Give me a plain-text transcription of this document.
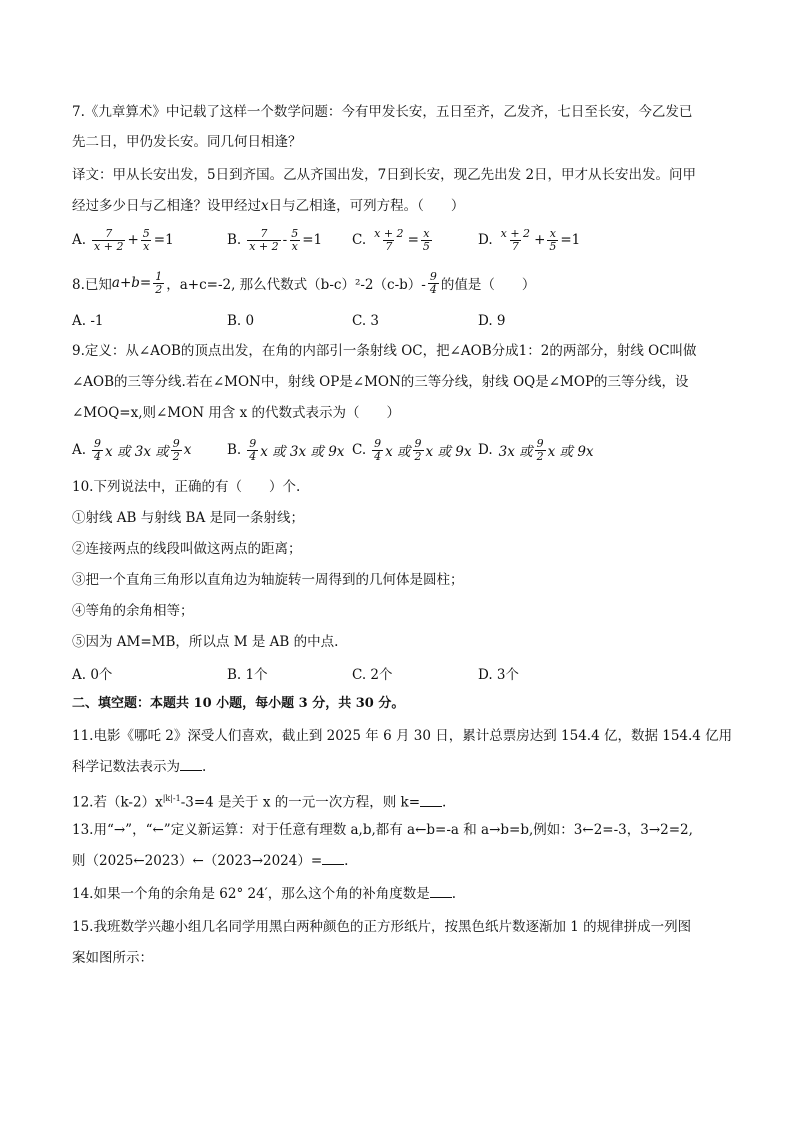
7.《九章算术》中记载了这样一个数学问题：今有甲发长安，五日至齐，乙发齐，七日至长安，今乙发已
先二日，甲仍发长安。同几何日相逢？
译文：甲从长安出发，5日到齐国。乙从齐国出发，7日到长安，现乙先出发 2日，甲才从长安出发。问甲
经过多少日与乙相逢？设甲经过x日与乙相逢，可列方程。（　　）
A. $\frac{7}{x + 2} + \frac{5}{x} =1$	B. $\frac{7}{x + 2} - \frac{5}{x} =1$ C. $\frac{x + 2}{7} = \frac{x}{5}$	D. $\frac{x + 2}{7} + \frac{x}{5} =1$
8.已知 $a+b= \frac{1}{2}$ ，a+c=-2, 那么代数式$(b-c)^2-2(c-b)- \frac{9}{4}$ 的值是（　　）
A. -1	B. 0	C. 3	D. 9
9.定义：从∠AOB的顶点出发，在角的内部引一条射线 OC，把∠AOB分成1：2的两部分，射线 OC叫做
∠AOB的三等分线.若在∠MON中，射线 OP是∠MON的三等分线，射线 OQ是∠MOP的三等分线，设
∠MOQ=x,则∠MON 用含 x 的代数式表示为（　　）
A. $\frac{9}{4}$ x 或 3x 或 $\frac{9}{2}$ x	B. $\frac{9}{4}$ x 或 3x 或 9x C. $\frac{9}{4}$ x 或 $\frac{9}{2}$ x 或 9x D. 3x 或 $\frac{9}{2}$ x 或 9x
10.下列说法中，正确的有（　　）个.
①射线 AB 与射线 BA 是同一条射线；
②连接两点的线段叫做这两点的距离；
③把一个直角三角形以直角边为轴旋转一周得到的几何体是圆柱；
④等角的余角相等；
⑤因为 AM=MB，所以点 M 是 AB 的中点.
A. 0个	B. 1个	C. 2个	D. 3个
二、填空题：本题共 10 小题，每小题 3 分，共 30 分。
11.电影《哪吒 2》深受人们喜欢，截止到 2025 年 6 月 30 日，累计总票房达到 154.4 亿，数据 154.4 亿用
科学记数法表示为 .
12.若$(k-2)x^{|k|-1}-3=4$ 是关于 x 的一元一次方程，则 k= .
13.用“→”，“←”定义新运算：对于任意有理数 a,b,都有 a←b=-a 和 a→b=b,例如：3←2=-3，3→2=2,
则（2025←2023）←（2023→2024）= .
14.如果一个角的余角是 62° 24′，那么这个角的补角度数是 .
15.我班数学兴趣小组几名同学用黑白两种颜色的正方形纸片，按黑色纸片数逐渐加 1 的规律拼成一列图
案如图所示：
